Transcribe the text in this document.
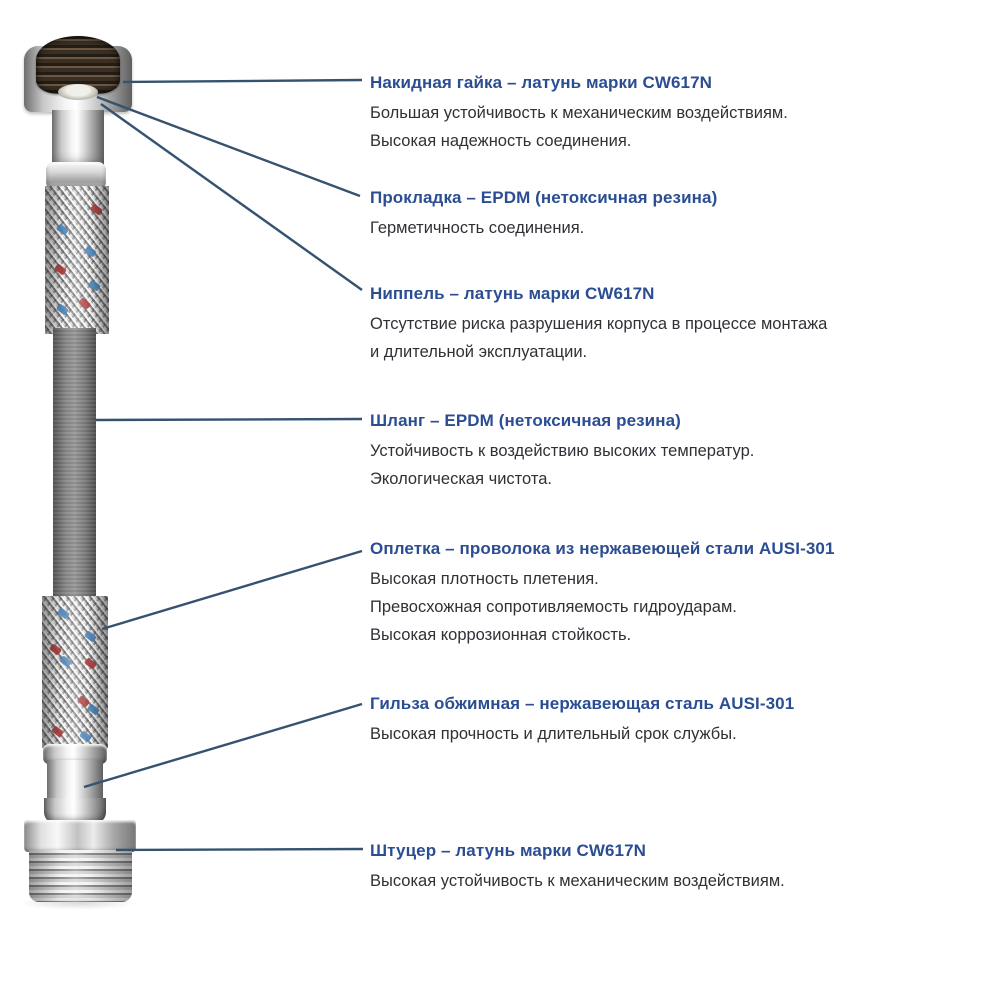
Накидная гайка – латунь марки CW617N
Большая устойчивость к механическим воздействиям.
Высокая надежность соединения.
Прокладка – EPDM (нетоксичная резина)
Герметичность соединения.
Ниппель – латунь марки CW617N
Отсутствие риска разрушения корпуса в процессе монтажа
и длительной эксплуатации.
Шланг – EPDM (нетоксичная резина)
Устойчивость к воздействию высоких температур.
Экологическая чистота.
Оплетка – проволока из нержавеющей стали AUSI-301
Высокая плотность плетения.
Превосхожная сопротивляемость гидроударам.
Высокая коррозионная стойкость.
Гильза обжимная – нержавеющая сталь AUSI-301
Высокая прочность и длительный срок службы.
Штуцер – латунь марки CW617N
Высокая устойчивость к механическим воздействиям.
